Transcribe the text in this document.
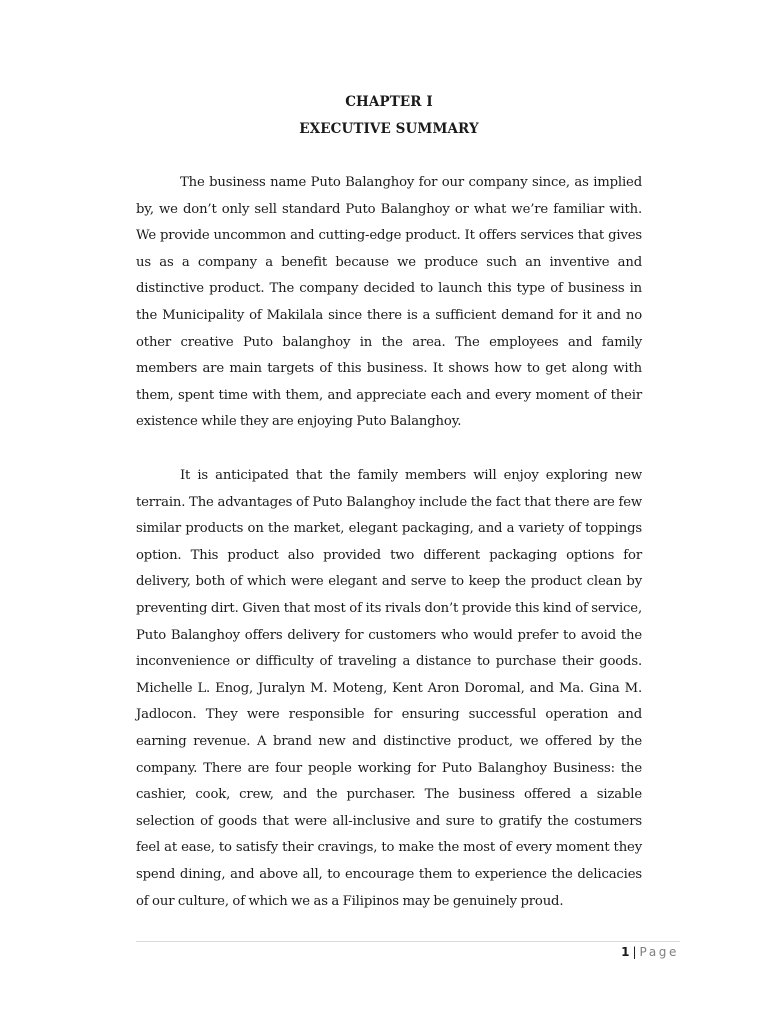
CHAPTER I
EXECUTIVE SUMMARY

The business name Puto Balanghoy for our company since, as implied by, we don’t only sell standard Puto Balanghoy or what we’re familiar with. We provide uncommon and cutting-edge product. It offers services that gives us as a company a benefit because we produce such an inventive and distinctive product. The company decided to launch this type of business in the Municipality of Makilala since there is a sufficient demand for it and no other creative Puto balanghoy in the area. The employees and family members are main targets of this business. It shows how to get along with them, spent time with them, and appreciate each and every moment of their existence while they are enjoying Puto Balanghoy.

It is anticipated that the family members will enjoy exploring new terrain. The advantages of Puto Balanghoy include the fact that there are few similar products on the market, elegant packaging, and a variety of toppings option. This product also provided two different packaging options for delivery, both of which were elegant and serve to keep the product clean by preventing dirt. Given that most of its rivals don’t provide this kind of service, Puto Balanghoy offers delivery for customers who would prefer to avoid the inconvenience or difficulty of traveling a distance to purchase their goods. Michelle L. Enog, Juralyn M. Moteng, Kent Aron Doromal, and Ma. Gina M. Jadlocon. They were responsible for ensuring successful operation and earning revenue. A brand new and distinctive product, we offered by the company. There are four people working for Puto Balanghoy Business: the cashier, cook, crew, and the purchaser. The business offered a sizable selection of goods that were all-inclusive and sure to gratify the costumers feel at ease, to satisfy their cravings, to make the most of every moment they spend dining, and above all, to encourage them to experience the delicacies of our culture, of which we as a Filipinos may be genuinely proud.

1 | Page
